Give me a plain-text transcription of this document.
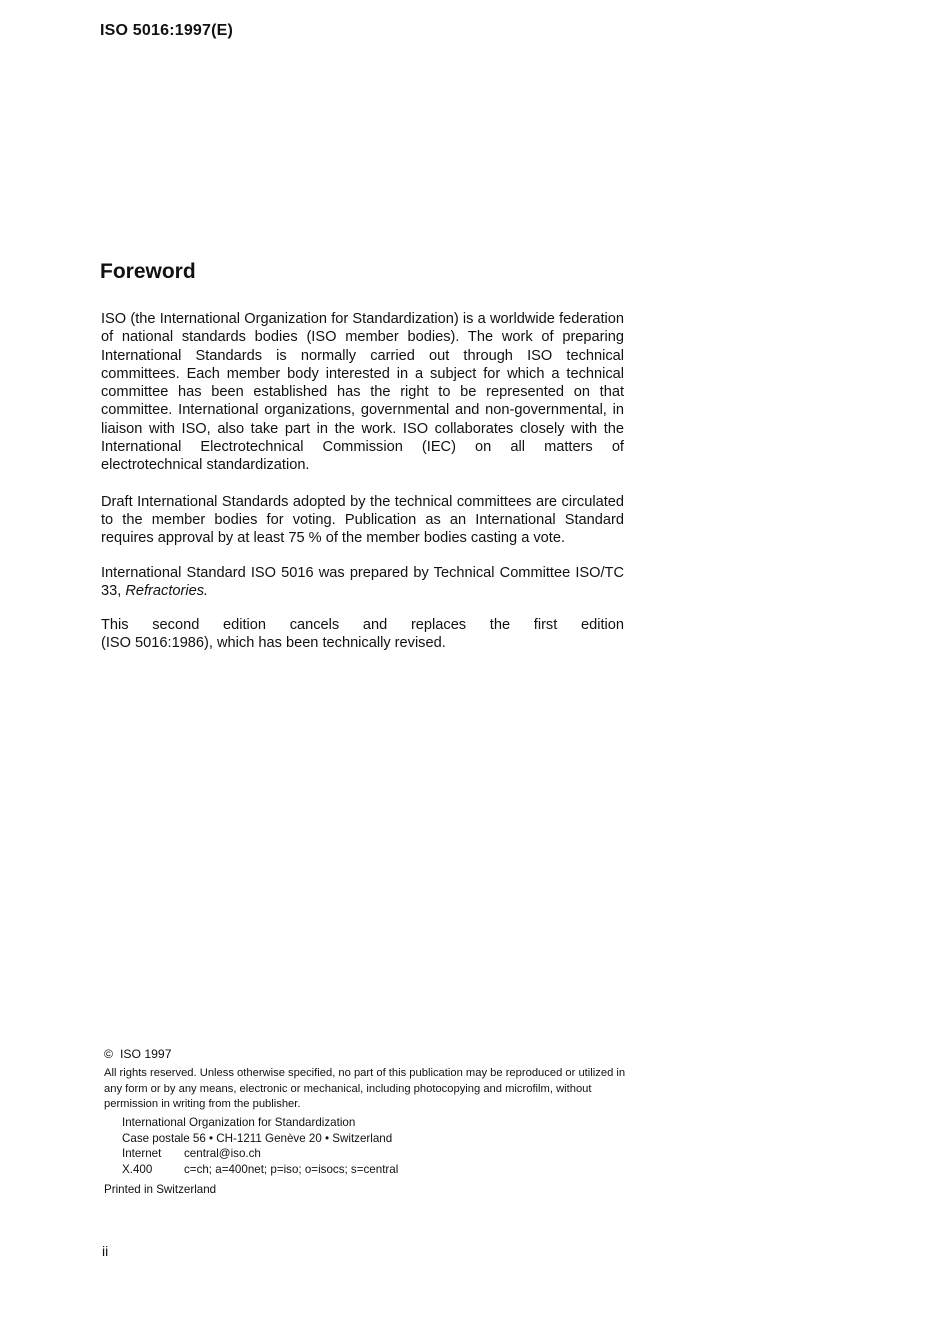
ISO 5016:1997(E)
Foreword

ISO (the International Organization for Standardization) is a worldwide federation of national standards bodies (ISO member bodies). The work of preparing International Standards is normally carried out through ISO technical committees. Each member body interested in a subject for which a technical committee has been established has the right to be represented on that committee. International organizations, governmental and non-governmental, in liaison with ISO, also take part in the work. ISO collaborates closely with the International Electrotechnical Commission (IEC) on all matters of electrotechnical standardization.

Draft International Standards adopted by the technical committees are circulated to the member bodies for voting. Publication as an International Standard requires approval by at least 75 % of the member bodies casting a vote.

International Standard ISO 5016 was prepared by Technical Committee ISO/TC 33, Refractories.

This second edition cancels and replaces the first edition
(ISO 5016:1986), which has been technically revised.

© ISO 1997
All rights reserved. Unless otherwise specified, no part of this publication may be reproduced or utilized in any form or by any means, electronic or mechanical, including photocopying and microfilm, without permission in writing from the publisher.
International Organization for Standardization
Case postale 56 • CH-1211 Genève 20 • Switzerland
Internet central@iso.ch
X.400	c=ch; a=400net; p=iso; o=isocs; s=central
Printed in Switzerland
ii
